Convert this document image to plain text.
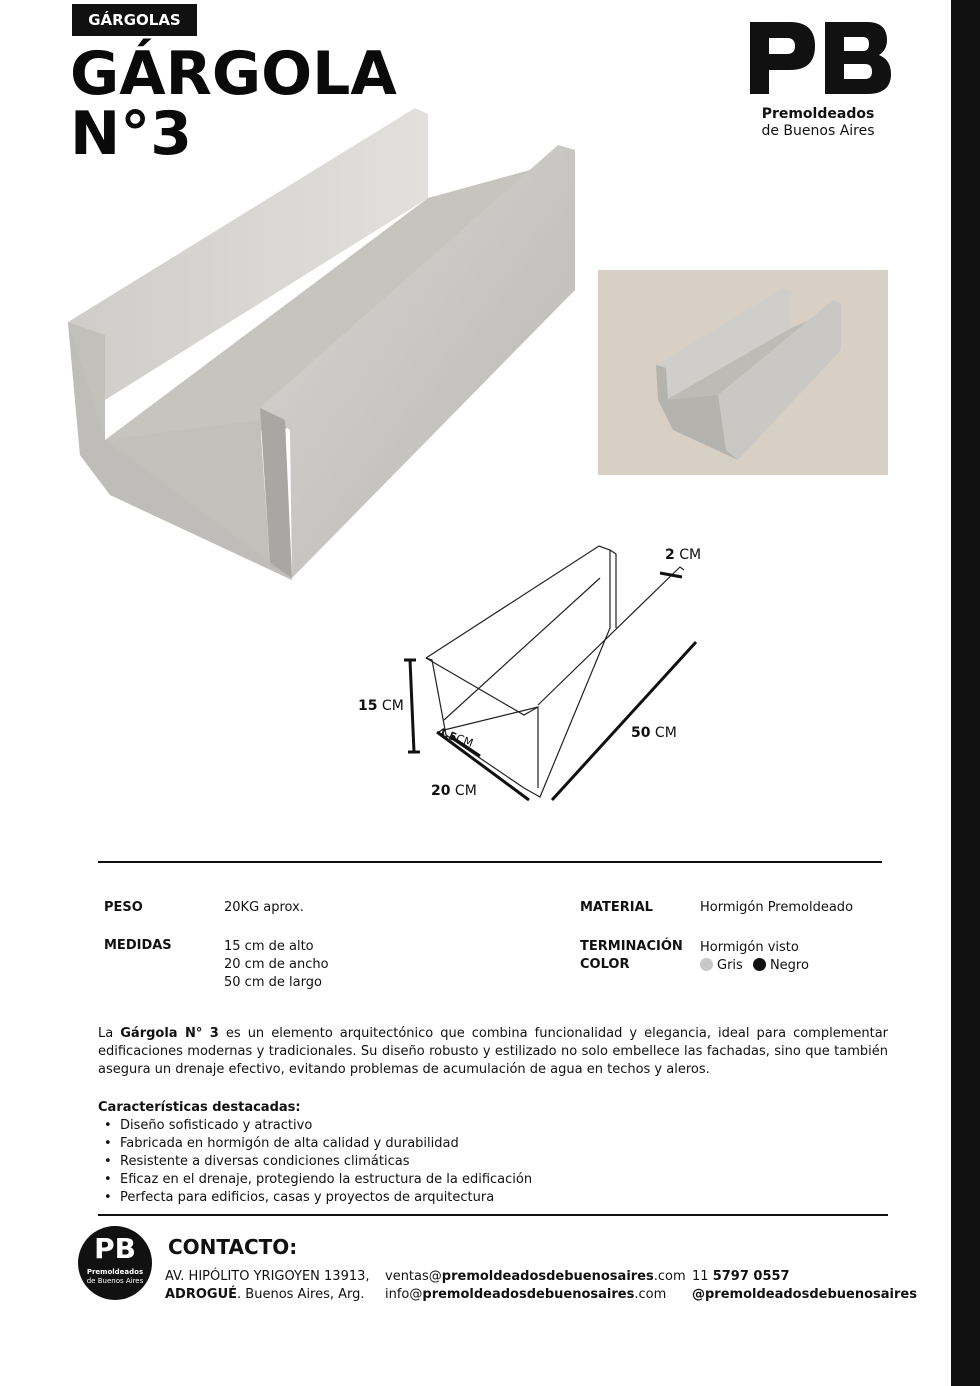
GÁRGOLAS
GÁRGOLA
N°3	Premoldeados
de Buenos Aires
2 CM
15 CM
4.5CM	50 CM
20 CM
PESO	20KG aprox.
MEDIDAS	15 cm de alto
20 cm de ancho
50 cm de largo
MATERIAL	Hormigón Premoldeado
TERMINACIÓN
COLOR
Hormigón visto
Gris Negro
La Gárgola N° 3 es un elemento arquitectónico que combina funcionalidad y elegancia, ideal para complementar edificaciones modernas y tradicionales. Su diseño robusto y estilizado no solo embellece las fachadas, sino que también asegura un drenaje efectivo, evitando problemas de acumulación de agua en techos y aleros.
Características destacadas:
• Diseño sofisticado y atractivo
• Fabricada en hormigón de alta calidad y durabilidad
• Resistente a diversas condiciones climáticas
• Eficaz en el drenaje, protegiendo la estructura de la edificación
• Perfecta para edificios, casas y proyectos de arquitectura
PB
Premoldeados
de Buenos Aires
CONTACTO:
AV. HIPÓLITO YRIGOYEN 13913,
ADROGUÉ. Buenos Aires, Arg.
ventas@premoldeadosdebuenosaires.com
info@premoldeadosdebuenosaires.com
11 5797 0557
@premoldeadosdebuenosaires
